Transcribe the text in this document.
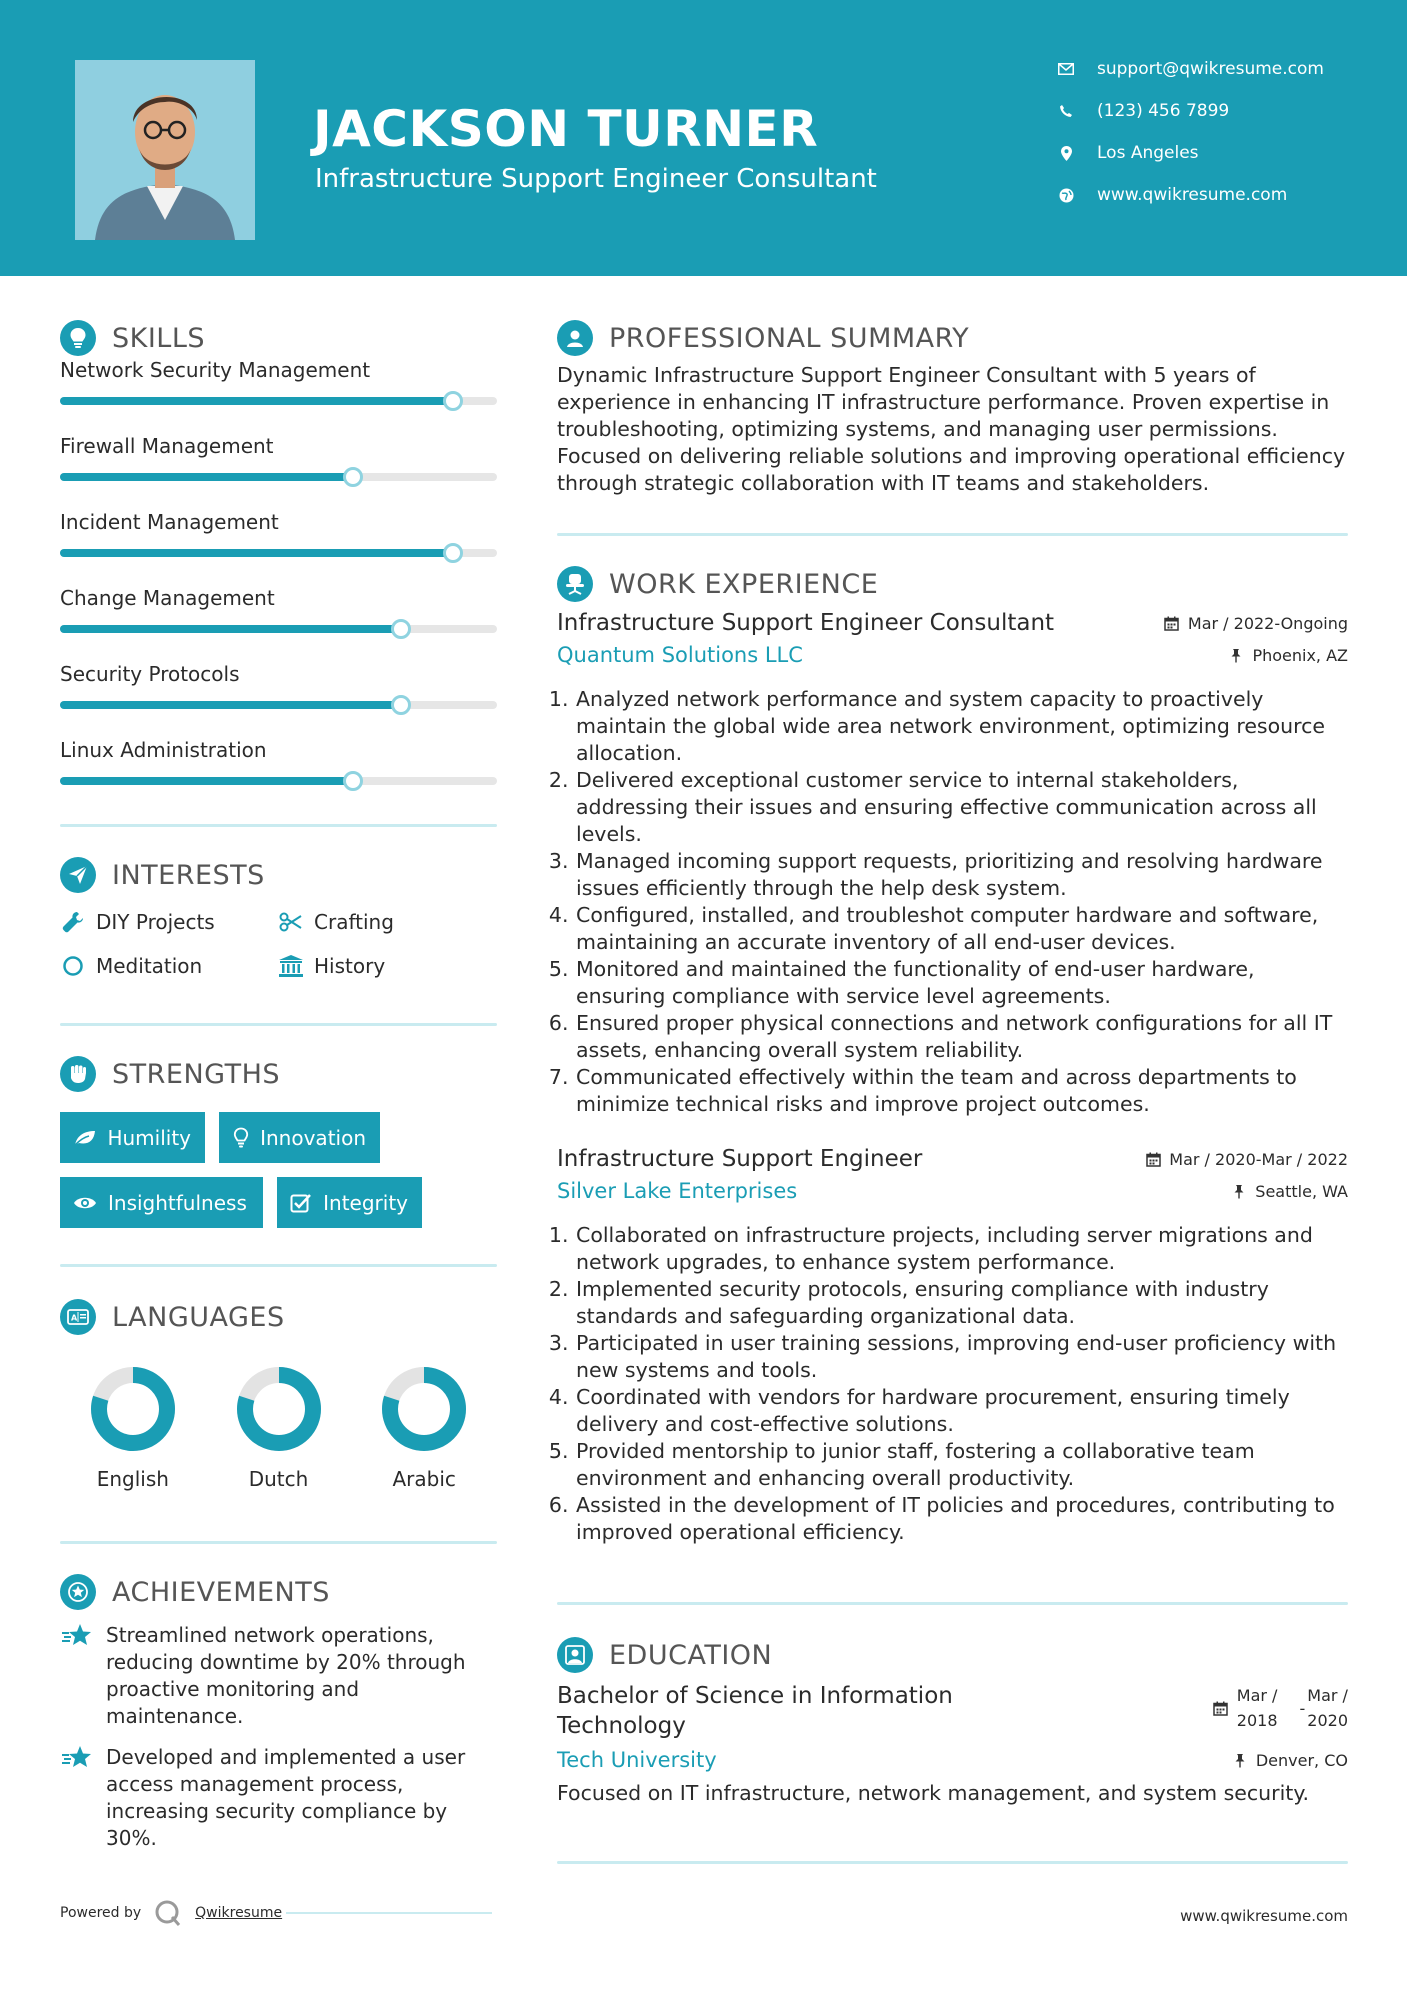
JACKSON TURNER
Infrastructure Support Engineer Consultant
support@qwikresume.com
(123) 456 7899
Los Angeles
www.qwikresume.com
SKILLS
Network Security Management
Firewall Management
Incident Management
Change Management
Security Protocols
Linux Administration
INTERESTS
DIY Projects	Crafting
Meditation	History
STRENGTHS
Humility	Innovation
Insightfulness	Integrity
A LANGUAGES
English	Dutch	Arabic
ACHIEVEMENTS
Streamlined network operations, reducing downtime by 20% through proactive monitoring and maintenance.
Developed and implemented a user access management process, increasing security compliance by 30%.
Powered by	Qwikresume
PROFESSIONAL SUMMARY

Dynamic Infrastructure Support Engineer Consultant with 5 years of experience in enhancing IT infrastructure performance. Proven expertise in troubleshooting, optimizing systems, and managing user permissions. Focused on delivering reliable solutions and improving operational efficiency through strategic collaboration with IT teams and stakeholders.

WORK EXPERIENCE
Infrastructure Support Engineer Consultant	Mar / 2022-Ongoing
Quantum Solutions LLC	Phoenix, AZ
1. Analyzed network performance and system capacity to proactively maintain the global wide area network environment, optimizing resource allocation.
2. Delivered exceptional customer service to internal stakeholders, addressing their issues and ensuring effective communication across all levels.
3. Managed incoming support requests, prioritizing and resolving hardware issues efficiently through the help desk system.
4. Configured, installed, and troubleshot computer hardware and software, maintaining an accurate inventory of all end-user devices.
5. Monitored and maintained the functionality of end-user hardware, ensuring compliance with service level agreements.
6. Ensured proper physical connections and network configurations for all IT assets, enhancing overall system reliability.
7. Communicated effectively within the team and across departments to minimize technical risks and improve project outcomes.
Infrastructure Support Engineer	Mar / 2020-Mar / 2022
Silver Lake Enterprises	Seattle, WA
1. Collaborated on infrastructure projects, including server migrations and network upgrades, to enhance system performance.
2. Implemented security protocols, ensuring compliance with industry standards and safeguarding organizational data.
3. Participated in user training sessions, improving end-user proficiency with new systems and tools.
4. Coordinated with vendors for hardware procurement, ensuring timely delivery and cost-effective solutions.
5. Provided mentorship to junior staff, fostering a collaborative team environment and enhancing overall productivity.
6. Assisted in the development of IT policies and procedures, contributing to improved operational efficiency.
EDUCATION
Bachelor of Science in Information
Technology
Mar /
2018
-
Mar /
2020
Tech University	Denver, CO
Focused on IT infrastructure, network management, and system security.
www.qwikresume.com
